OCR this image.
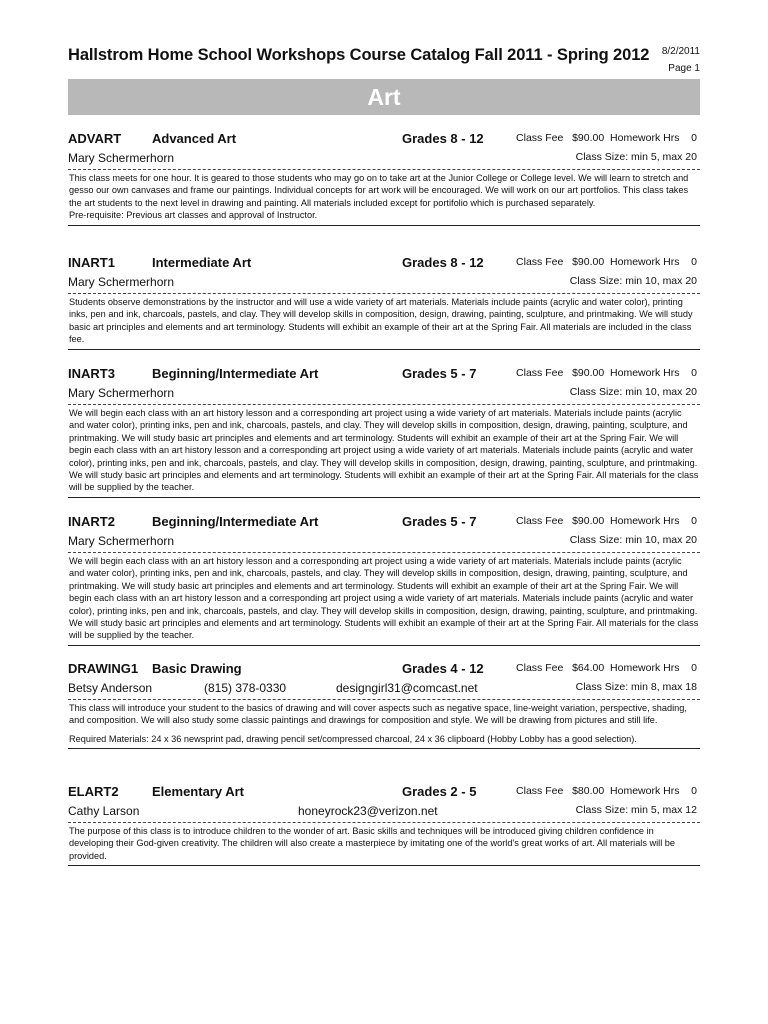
Hallstrom Home School Workshops Course Catalog Fall 2011 - Spring 2012 8/2/2011
Page 1
Art
ADVART Advanced Art	Grades 8 - 12	Class Fee $90.00 Homework Hrs 0
Mary Schermerhorn	Class Size: min 5, max 20

This class meets for one hour. It is geared to those students who may go on to take art at the Junior College or College level. We will learn to stretch and gesso our own canvases and frame our paintings. Individual concepts for art work will be encouraged. We will work on our art portfolios. This class takes the art students to the next level in drawing and painting. All materials included except for portifolio which is purchased separately.

Pre-requisite: Previous art classes and approval of Instructor.

INART1	Intermediate Art	Grades 8 - 12	Class Fee $90.00 Homework Hrs 0
Mary Schermerhorn	Class Size: min 10, max 20

Students observe demonstrations by the instructor and will use a wide variety of art materials. Materials include paints (acrylic and water color), printing inks, pen and ink, charcoals, pastels, and clay. They will develop skills in composition, design, drawing, painting, sculpture, and printmaking. We will study basic art principles and elements and art terminology. Students will exhibit an example of their art at the Spring Fair. All materials are included in the class fee.

INART3	Beginning/Intermediate Art	Grades 5 - 7	Class Fee $90.00 Homework Hrs 0
Mary Schermerhorn	Class Size: min 10, max 20

We will begin each class with an art history lesson and a corresponding art project using a wide variety of art materials. Materials include paints (acrylic and water color), printing inks, pen and ink, charcoals, pastels, and clay. They will develop skills in composition, design, drawing, painting, sculpture, and printmaking. We will study basic art principles and elements and art terminology. Students will exhibit an example of their art at the Spring Fair. We will begin each class with an art history lesson and a corresponding art project using a wide variety of art materials. Materials include paints (acrylic and water color), printing inks, pen and ink, charcoals, pastels, and clay. They will develop skills in composition, design, drawing, painting, sculpture, and printmaking. We will study basic art principles and elements and art terminology. Students will exhibit an example of their art at the Spring Fair. All materials for the class will be supplied by the teacher.

INART2	Beginning/Intermediate Art	Grades 5 - 7	Class Fee $90.00 Homework Hrs 0
Mary Schermerhorn	Class Size: min 10, max 20

We will begin each class with an art history lesson and a corresponding art project using a wide variety of art materials. Materials include paints (acrylic and water color), printing inks, pen and ink, charcoals, pastels, and clay. They will develop skills in composition, design, drawing, painting, sculpture, and printmaking. We will study basic art principles and elements and art terminology. Students will exhibit an example of their art at the Spring Fair. We will begin each class with an art history lesson and a corresponding art project using a wide variety of art materials. Materials include paints (acrylic and water color), printing inks, pen and ink, charcoals, pastels, and clay. They will develop skills in composition, design, drawing, painting, sculpture, and printmaking. We will study basic art principles and elements and art terminology. Students will exhibit an example of their art at the Spring Fair. All materials for the class will be supplied by the teacher.

DRAWING1 Basic Drawing	Grades 4 - 12	Class Fee $64.00 Homework Hrs 0
Betsy Anderson	(815) 378-0330	designgirl31@comcast.net	Class Size: min 8, max 18

This class will introduce your student to the basics of drawing and will cover aspects such as negative space, line-weight variation, perspective, shading, and composition. We will also study some classic paintings and drawings for composition and style. We will be drawing from pictures and still life.

Required Materials: 24 x 36 newsprint pad, drawing pencil set/compressed charcoal, 24 x 36 clipboard (Hobby Lobby has a good selection).

ELART2	Elementary Art	Grades 2 - 5	Class Fee $80.00 Homework Hrs 0
Cathy Larson	honeyrock23@verizon.net	Class Size: min 5, max 12

The purpose of this class is to introduce children to the wonder of art. Basic skills and techniques will be introduced giving children confidence in developing their God-given creativity. The children will also create a masterpiece by imitating one of the world's great works of art. All materials will be provided.
